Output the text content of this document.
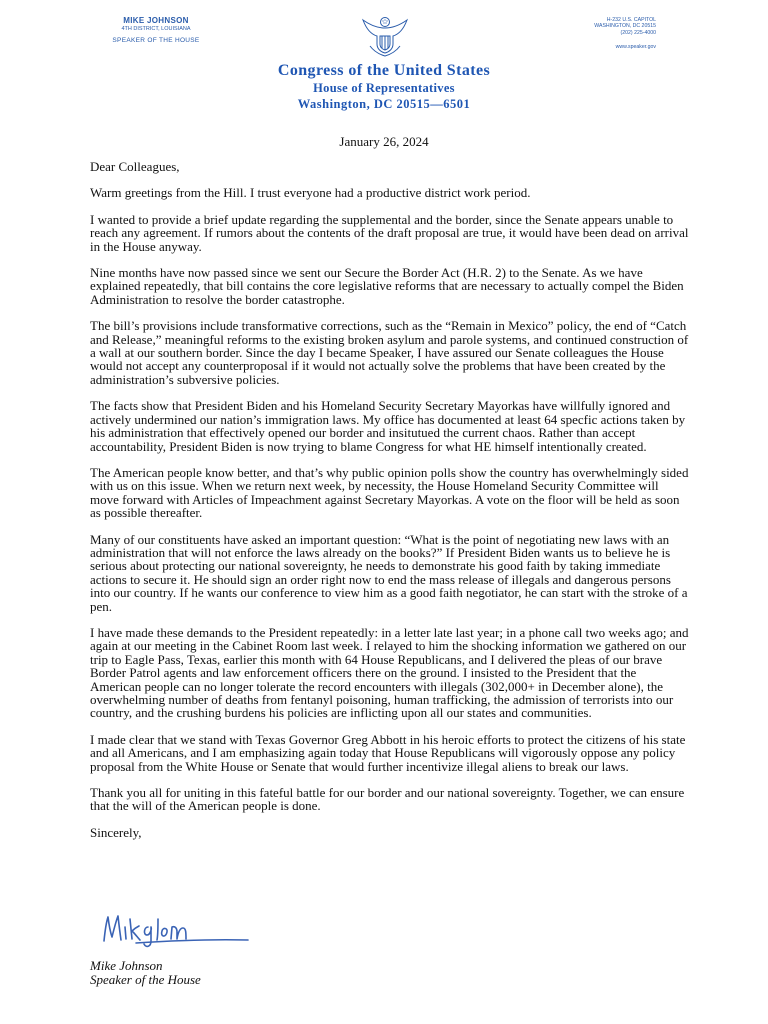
MIKE JOHNSON
4TH DISTRICT, LOUISIANA
SPEAKER OF THE HOUSE
H-232 U.S. CAPITOL
WASHINGTON, DC 20515
(202) 225-4000
www.speaker.gov
Congress of the United States
House of Representatives
Washington, DC 20515—6501
January 26, 2024

Dear Colleagues,

Warm greetings from the Hill. I trust everyone had a productive district work period.

I wanted to provide a brief update regarding the supplemental and the border, since the Senate appears unable to reach any agreement. If rumors about the contents of the draft proposal are true, it would have been dead on arrival in the House anyway.

Nine months have now passed since we sent our Secure the Border Act (H.R. 2) to the Senate. As we have explained repeatedly, that bill contains the core legislative reforms that are necessary to actually compel the Biden Administration to resolve the border catastrophe.

The bill’s provisions include transformative corrections, such as the “Remain in Mexico” policy, the end of “Catch and Release,” meaningful reforms to the existing broken asylum and parole systems, and continued construction of a wall at our southern border. Since the day I became Speaker, I have assured our Senate colleagues the House would not accept any counterproposal if it would not actually solve the problems that have been created by the administration’s subversive policies.

The facts show that President Biden and his Homeland Security Secretary Mayorkas have willfully ignored and actively undermined our nation’s immigration laws. My office has documented at least 64 specfic actions taken by his administration that effectively opened our border and insitutued the current chaos. Rather than accept accountability, President Biden is now trying to blame Congress for what HE himself intentionally created.

The American people know better, and that’s why public opinion polls show the country has overwhelmingly sided with us on this issue. When we return next week, by necessity, the House Homeland Security Committee will move forward with Articles of Impeachment against Secretary Mayorkas. A vote on the floor will be held as soon as possible thereafter.

Many of our constituents have asked an important question: “What is the point of negotiating new laws with an administration that will not enforce the laws already on the books?” If President Biden wants us to believe he is serious about protecting our national sovereignty, he needs to demonstrate his good faith by taking immediate actions to secure it. He should sign an order right now to end the mass release of illegals and dangerous persons into our country. If he wants our conference to view him as a good faith negotiator, he can start with the stroke of a pen.

I have made these demands to the President repeatedly: in a letter late last year; in a phone call two weeks ago; and again at our meeting in the Cabinet Room last week. I relayed to him the shocking information we gathered on our trip to Eagle Pass, Texas, earlier this month with 64 House Republicans, and I delivered the pleas of our brave Border Patrol agents and law enforcement officers there on the ground. I insisted to the President that the American people can no longer tolerate the record encounters with illegals (302,000+ in December alone), the overwhelming number of deaths from fentanyl poisoning, human trafficking, the admission of terrorists into our country, and the crushing burdens his policies are inflicting upon all our states and communities.

I made clear that we stand with Texas Governor Greg Abbott in his heroic efforts to protect the citizens of his state and all Americans, and I am emphasizing again today that House Republicans will vigorously oppose any policy proposal from the White House or Senate that would further incentivize illegal aliens to break our laws.

Thank you all for uniting in this fateful battle for our border and our national sovereignty. Together, we can ensure that the will of the American people is done.

Sincerely,

Mike Johnson
Mike Johnson
Speaker of the House
